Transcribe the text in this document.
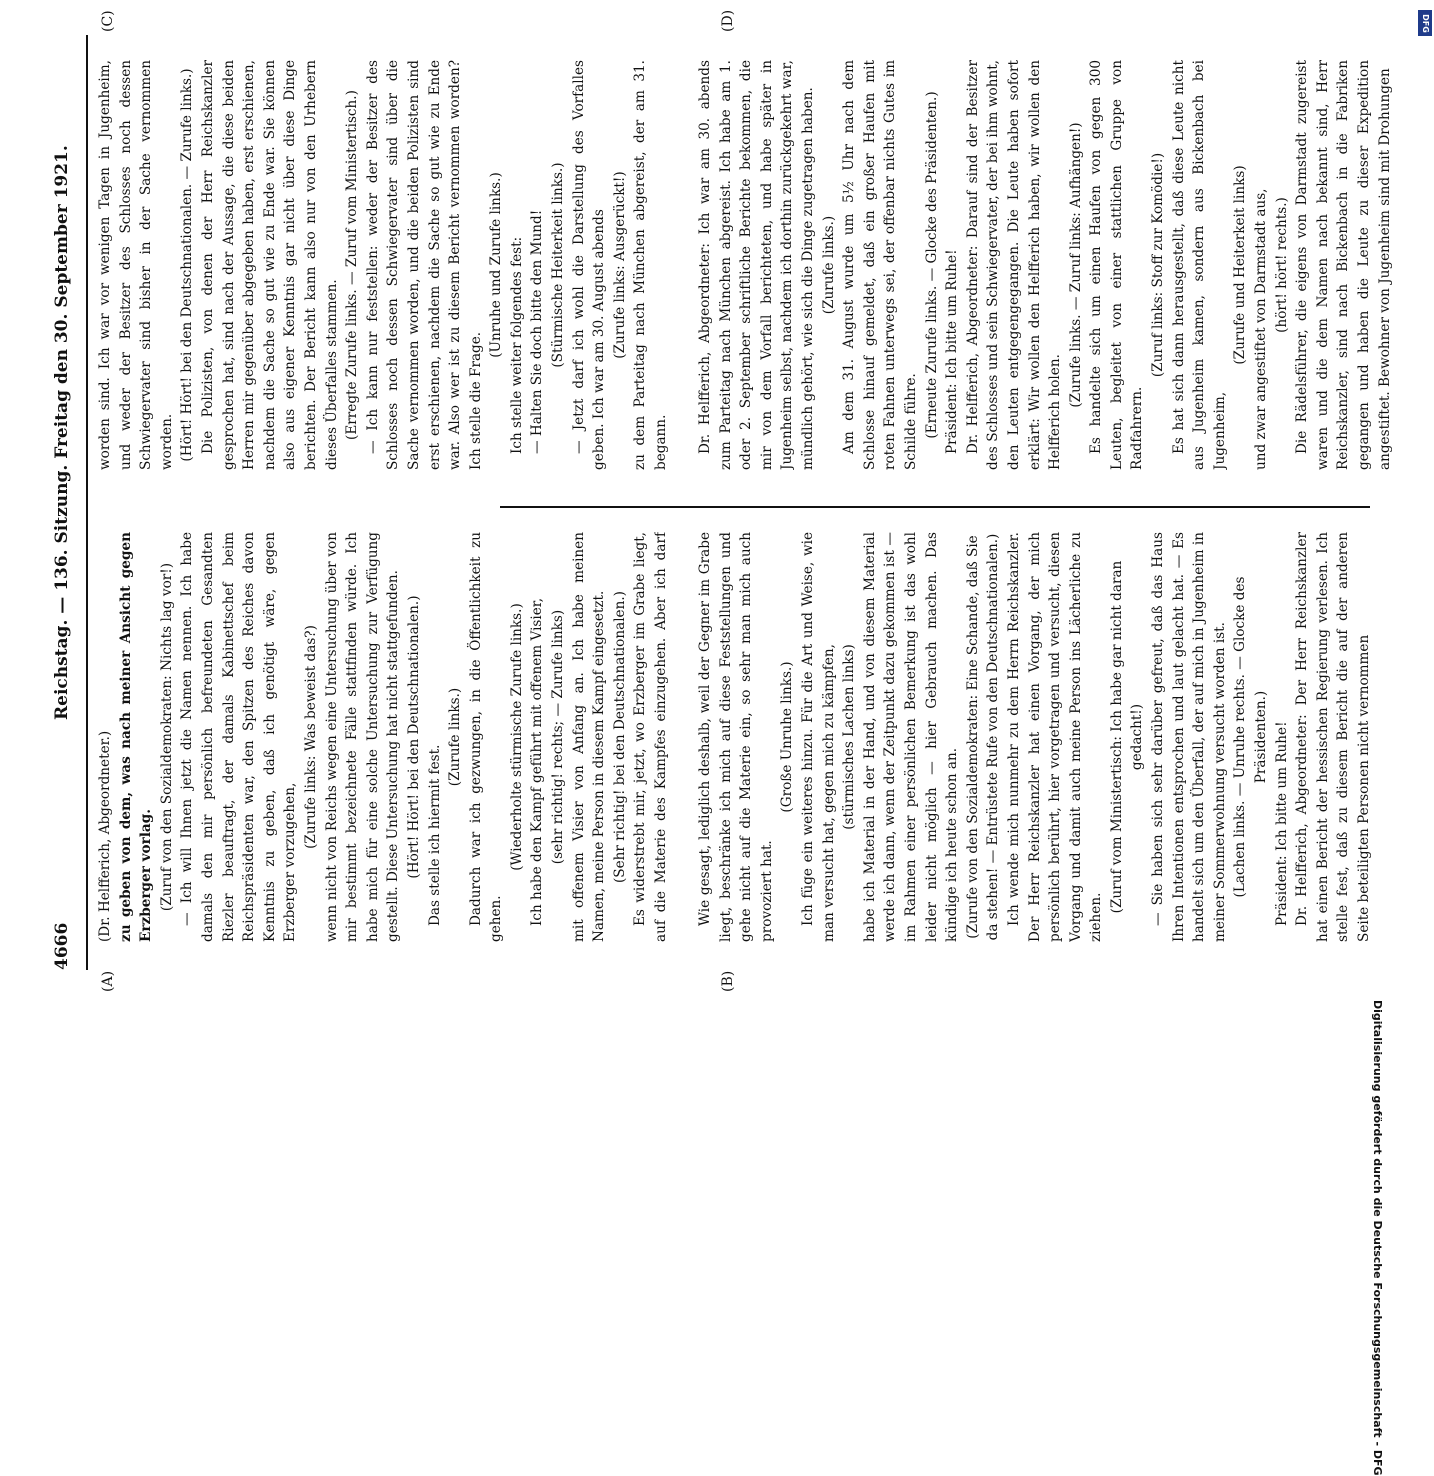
4666
Reichstag. — 136. Sitzung. Freitag den 30. September 1921.
(A)	(B)
(C)	(D)

(Dr. Helfferich, Abgeordneter.) zu geben von dem, was nach meiner Ansicht gegen Erzberger vorlag. (Zuruf von den Sozialdemokraten: Nichts lag vor!) — Ich will Ihnen jetzt die Namen nennen. Ich habe damals den mir persönlich befreundeten Gesandten Riezler beauftragt, der damals Kabinettschef beim Reichspräsidenten war, den Spitzen des Reiches davon Kenntnis zu geben, daß ich genötigt wäre, gegen Erzberger vorzugehen,

(Zurufe links: Was beweist das?) wenn nicht von Reichs wegen eine Untersuchung über von mir bestimmt bezeichnete Fälle stattfinden würde. Ich habe mich für eine solche Untersuchung zur Verfügung gestellt. Diese Untersuchung hat nicht stattgefunden. (Hört! Hört! bei den Deutschnationalen.) Das stelle ich hiermit fest.

(Zurufe links.) Dadurch war ich gezwungen, in die Öffentlichkeit zu gehen.

(Wiederholte stürmische Zurufe links.) Ich habe den Kampf geführt mit offenem Visier, (sehr richtig! rechts; — Zurufe links) mit offenem Visier von Anfang an. Ich habe meinen Namen, meine Person in diesem Kampf eingesetzt. (Sehr richtig! bei den Deutschnationalen.)

Es widerstrebt mir, jetzt, wo Erzberger im Grabe liegt, auf die Materie des Kampfes einzugehen. Aber ich darf	Wie gesagt, lediglich deshalb, weil der Gegner im Grabe liegt, beschränke ich mich auf diese Feststellungen und gehe nicht auf die Materie ein, so sehr man mich auch provoziert hat.

(Große Unruhe links.) Ich füge ein weiteres hinzu. Für die Art und Weise, wie man versucht hat, gegen mich zu kämpfen, (stürmisches Lachen links) habe ich Material in der Hand, und von diesem Material werde ich dann, wenn der Zeitpunkt dazu gekommen ist — im Rahmen einer persönlichen Bemerkung ist das wohl leider nicht möglich — hier Gebrauch machen. Das kündige ich heute schon an. (Zurufe von den Sozialdemokraten: Eine Schande, daß Sie da stehen! — Entrüstete Rufe von den Deutschnationalen.) Ich wende mich nunmehr zu dem Herrn Reichskanzler. Der Herr Reichskanzler hat einen Vorgang, der mich persönlich berührt, hier vorgetragen und versucht, diesen Vorgang und damit auch meine Person ins Lächerliche zu ziehen.

(Zuruf vom Ministertisch: Ich habe gar nicht daran gedacht!) — Sie haben sich sehr darüber gefreut, daß das Haus Ihren Intentionen entsprochen und laut gelacht hat. — Es handelt sich um den Überfall, der auf mich in Jugenheim in meiner Sommerwohnung versucht worden ist. (Lachen links. — Unruhe rechts. — Glocke des Präsidenten.) Präsident: Ich bitte um Ruhe! Dr. Helfferich, Abgeordneter: Der Herr Reichskanzler hat einen Bericht der hessischen Regierung verlesen. Ich stelle fest, daß zu diesem Bericht die auf der anderen Seite beteiligten Personen nicht vernommen

worden sind. Ich war vor wenigen Tagen in Jugenheim, und weder der Besitzer des Schlosses noch dessen Schwiegervater sind bisher in der Sache vernommen worden. (Hört! Hört! bei den Deutschnationalen. — Zurufe links.) Die Polizisten, von denen der Herr Reichskanzler gesprochen hat, sind nach der Aussage, die diese beiden Herren mir gegenüber abgegeben haben, erst erschienen, nachdem die Sache so gut wie zu Ende war. Sie können also aus eigener Kenntnis gar nicht über diese Dinge berichten. Der Bericht kann also nur von den Urhebern dieses Überfalles stammen. (Erregte Zurufe links. — Zuruf vom Ministertisch.) — Ich kann nur feststellen: weder der Besitzer des Schlosses noch dessen Schwiegervater sind über die Sache vernommen worden, und die beiden Polizisten sind erst erschienen, nachdem die Sache so gut wie zu Ende war. Also wer ist zu diesem Bericht vernommen worden? Ich stelle die Frage.

(Unruhe und Zurufe links.) Ich stelle weiter folgendes fest: — Halten Sie doch bitte den Mund! (Stürmische Heiterkeit links.) — Jetzt darf ich wohl die Darstellung des Vorfalles geben. Ich war am 30. August abends (Zurufe links: Ausgerückt!) zu dem Parteitag nach München abgereist, der am 31. begann. Dr. Helfferich, Abgeordneter: Ich war am 30. abends zum Parteitag nach München abgereist. Ich habe am 1. oder 2. September schriftliche Berichte bekommen, die mir von dem Vorfall berichteten, und habe später in Jugenheim selbst, nachdem ich dorthin zurückgekehrt war, mündlich gehört, wie sich die Dinge zugetragen haben. (Zurufe links.) Am dem 31. August wurde um 5½ Uhr nach dem Schlosse hinauf gemeldet, daß ein großer Haufen mit roten Fahnen unterwegs sei, der offenbar nichts Gutes im Schilde führe. (Erneute Zurufe links. — Glocke des Präsidenten.) Präsident: Ich bitte um Ruhe! Dr. Helfferich, Abgeordneter: Darauf sind der Besitzer des Schlosses und sein Schwiegervater, der bei ihm wohnt, den Leuten entgegengegangen. Die Leute haben sofort erklärt: Wir wollen den Helfferich haben, wir wollen den Helfferich holen.

(Zurufe links. — Zuruf links: Aufhängen!) Es handelte sich um einen Haufen von gegen 300 Leuten, begleitet von einer stattlichen Gruppe von Radfahrern.

(Zuruf links: Stoff zur Komödie!) Es hat sich dann herausgestellt, daß diese Leute nicht aus Jugenheim kamen, sondern aus Bickenbach bei Jugenheim,

(Zurufe und Heiterkeit links) und zwar angestiftet von Darmstadt aus, (hört! hört! rechts.) Die Rädelsführer, die eigens von Darmstadt zugereist waren und die dem Namen nach bekannt sind, Herr Reichskanzler, sind nach Bickenbach in die Fabriken gegangen und haben die Leute zu dieser Expedition angestiftet. Bewohner von Jugenheim sind mit Drohungen

Digitalisierung gefördert durch die Deutsche Forschungsgemeinschaft - DFG
DFG
